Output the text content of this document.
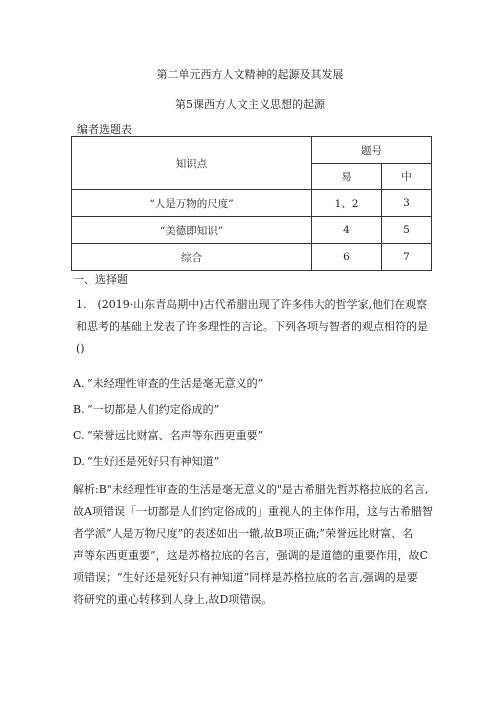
第二单元西方人文精神的起源及其发展
第5课西方人文主义思想的起源
编者选题表
知识点	题号	
	易	中
“人是万物的尺度”	1、2	3
“美德即知识”	4	5
综合	6	7
一、选择题
1.　(2019·山东青岛期中)古代希腊出现了许多伟大的哲学家,他们在观察
和思考的基础上发表了许多理性的言论。下列各项与智者的观点相符的是
()
A. “未经理性审查的生活是毫无意义的”
B. “一切都是人们约定俗成的”
C. “荣誉远比财富、名声等东西更重要”
D. “生好还是死好只有神知道”
解析:B"未经理性审查的生活是毫无意义的"是古希腊先哲苏格拉底的名言,
故A项错误「一切都是人们约定俗成的」重视人的主体作用，这与古希腊智
者学派“人是万物尺度”的表述如出一辙,故B项正确;”荣誉远比财富、名
声等东西更重要”，这是苏格拉底的名言，强调的是道德的重要作用，故C
项错误；“生好还是死好只有神知道”同样是苏格拉底的名言,强调的是要
将研究的重心转移到人身上,故D项错误。
